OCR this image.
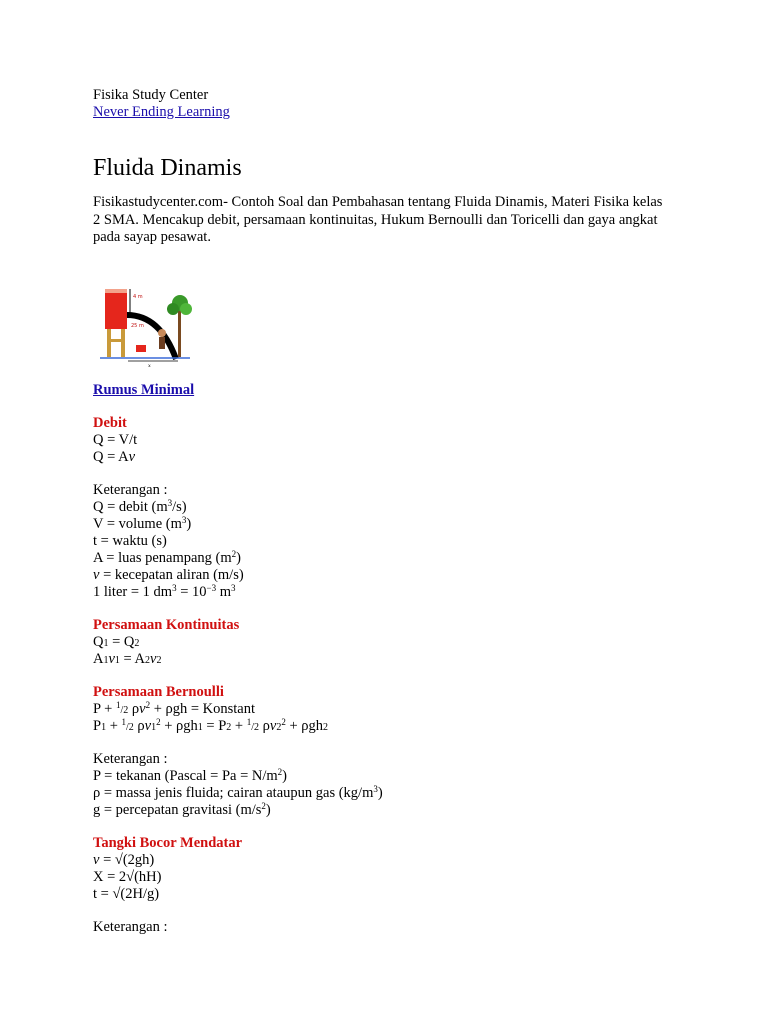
Fisika Study Center
Never Ending Learning
Fluida Dinamis
Fisikastudycenter.com- Contoh Soal dan Pembahasan tentang Fluida Dinamis, Materi Fisika kelas 2 SMA. Mencakup debit, persamaan kontinuitas, Hukum Bernoulli dan Toricelli dan gaya angkat pada sayap pesawat.
4 m
25 m
x
Rumus Minimal
Debit
Q = V/t
Q = Av
Keterangan :
Q = debit $(m^3/s)$
V = volume $(m^3)$
t = waktu (s)
A = luas penampang $(m^2)$
v = kecepatan aliran (m/s)
1 liter = 1 $dm^3 = 10^{-3}$ $m^3$
Persamaan Kontinuitas
Q1 = Q2
A1v1 = A2v2
Persamaan Bernoulli
P + $^1$/2 $\rho v^2 + \rho gh$ = Konstant
P1 + $^1$/2 $\rho v1^2 + \rho gh1 = P2 + ^1/2$ $\rho v2^2 + \rho gh2$
Keterangan :
P = tekanan (Pascal = $Pa = N/m^2$)
ρ = massa jenis fluida; cairan ataupun gas $(kg/m^3)$
g = percepatan gravitasi $(m/s^2)$
Tangki Bocor Mendatar
v = √(2gh)
X = 2√(hH)
t = √(2H/g)
Keterangan :
